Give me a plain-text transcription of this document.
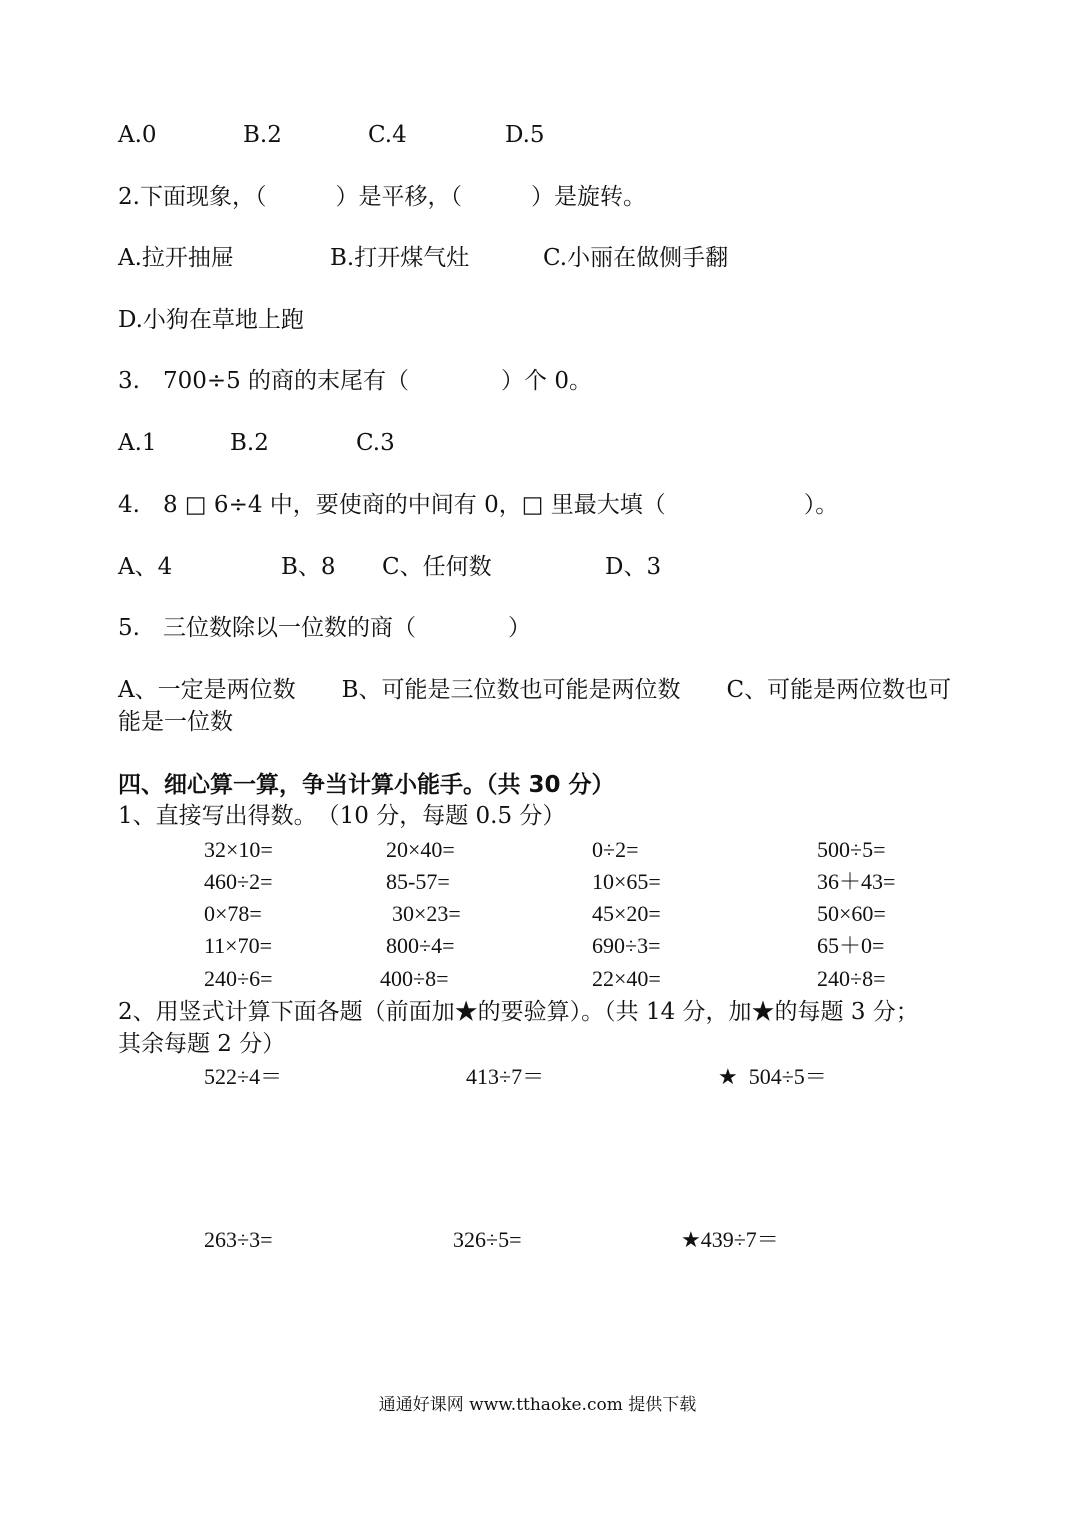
A.0	B.2	C.4	D.5
2.下面现象，（　　　）是平移，（　　　）是旋转。
A.拉开抽屉	B.打开煤气灶	C.小丽在做侧手翻
D.小狗在草地上跑
3.　700÷5 的商的末尾有（　　　　）个 0。
A.1	B.2	C.3
4.　8 □ 6÷4 中，要使商的中间有 0，□ 里最大填（　　　　　　）。
A、4	B、8 C、任何数	D、3
5.　三位数除以一位数的商（　　　　）
A、一定是两位数　　B、可能是三位数也可能是两位数　　C、可能是两位数也可
能是一位数
四、细心算一算，争当计算小能手。（共 30 分）
1、直接写出得数。　（10 分，每题 0.5 分）
32×10=	20×40=	0÷2=	500÷5=
460÷2=	85-57=	10×65=	36＋43=
0×78=	30×23=	45×20=	50×60=
11×70=	800÷4=	690÷3=	65＋0=
240÷6=	400÷8=	22×40=	240÷8=
2、用竖式计算下面各题（前面加★的要验算）。（共 14 分，加★的每题 3 分；
其余每题 2 分）
522÷4＝	413÷7＝	★  504÷5＝
263÷3=	326÷5=	★439÷7＝
通通好课网 www.tthaoke.com 提供下载
